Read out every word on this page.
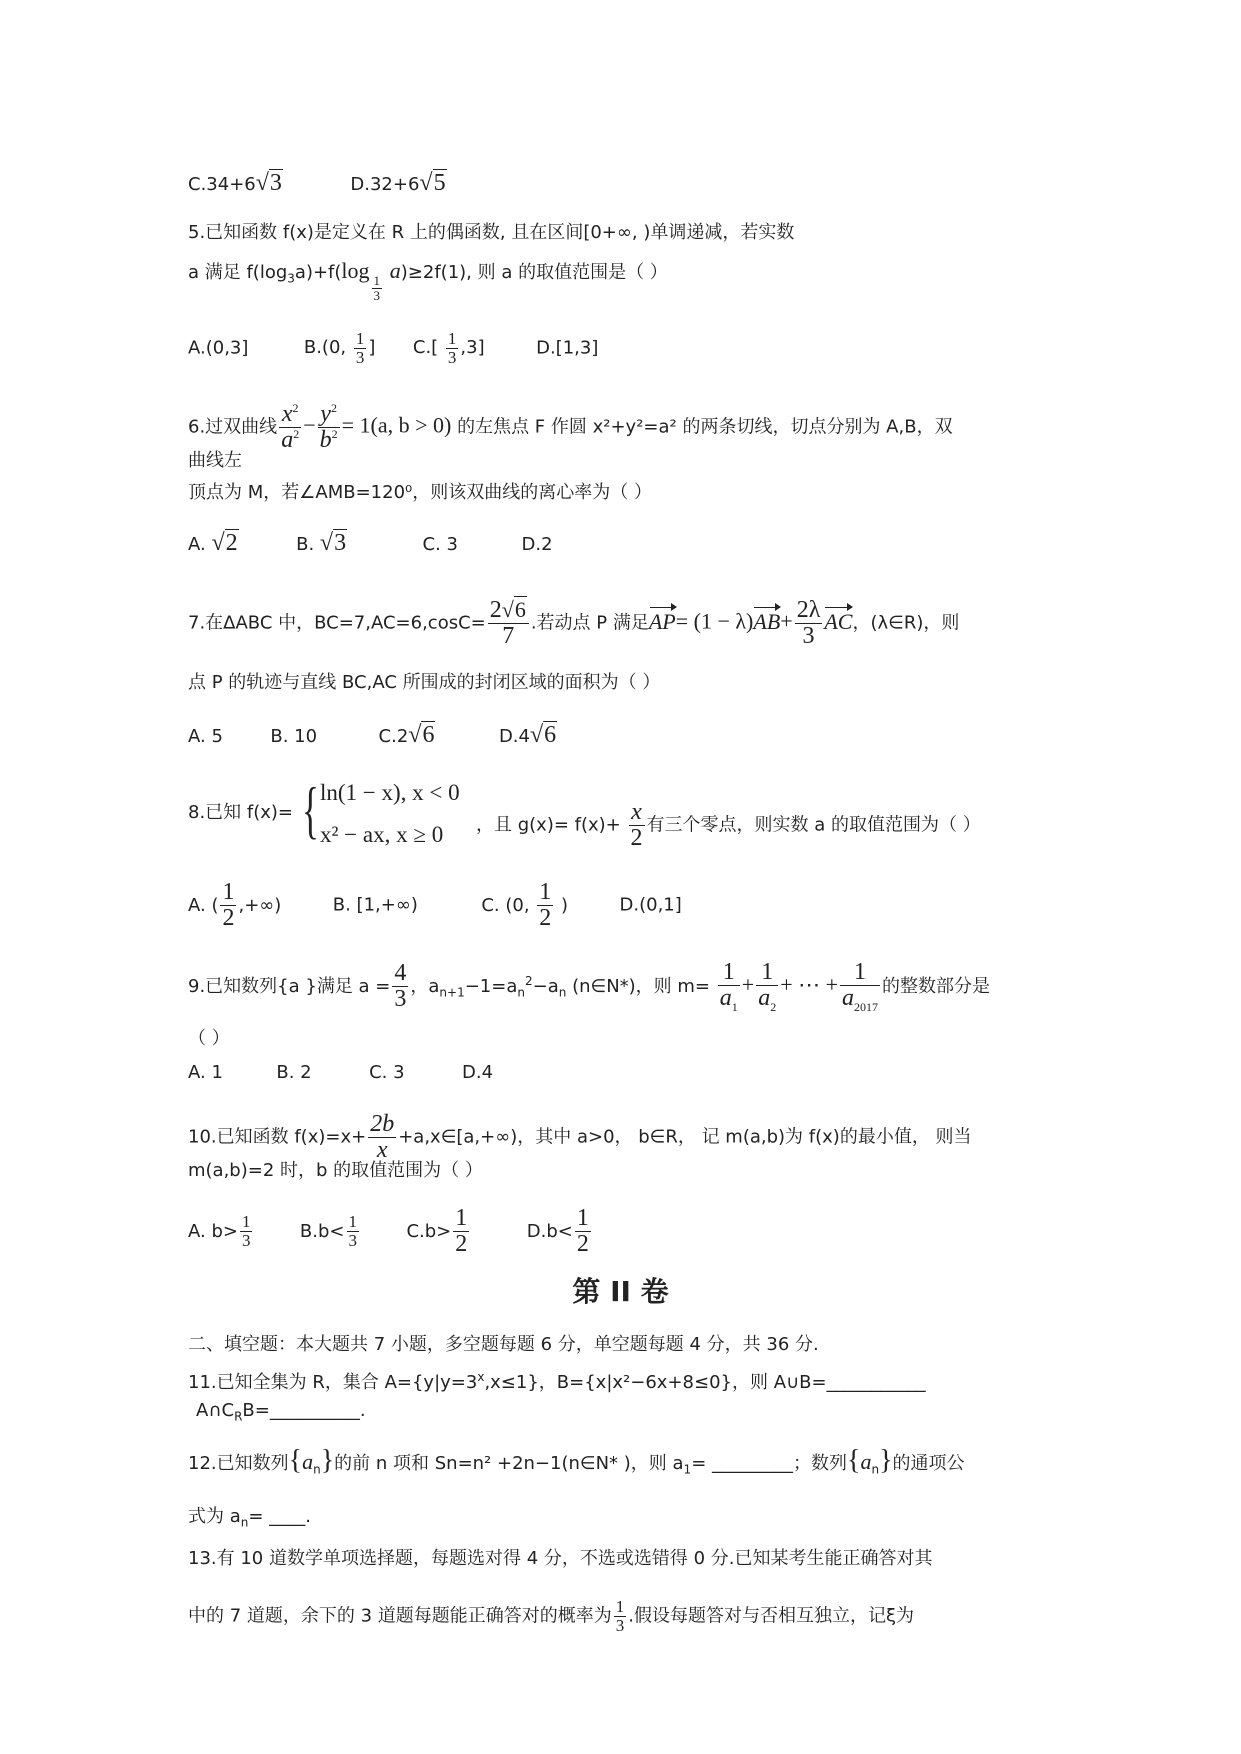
C.34+6√3	D.32+6√5
5.已知函数 f(x)是定义在 R 上的偶函数, 且在区间[0+∞, )单调递减，若实数
a 满足 $f(\log_3a)+f(\log$
$\frac{1}{3}$
a)≥2f(1), 则 a 的取值范围是（ ）
A.(0,3]	B.(0, $\frac{1}{3}$ ] $C.[ \frac{1}{3} ,3]$	D.[1,3]
6.过双曲线 $\frac{x^2}{a^2} - \frac{y^2}{b^2} = 1(a$, b > 0) 的左焦点 F 作圆 x²+y²=a² 的两条切线，切点分别为 A,B，双
曲线左
顶点为 M，若∠AMB=120⁰，则该双曲线的离心率为（ ）
A. √2	B. √3	C. 3	D.2
7.在ΔABC 中，$BC=7,AC=6,\cos C= \frac{2√6}{7}$ .若动点 P 满足$AP= (1 - \lambda)AB+ \frac{2\lambda}{3}$ AC，(λ∈R)，则
点 P 的轨迹与直线 BC,AC 所围成的封闭区域的面积为（ ）
A. 5	B. 10	C.2√6	D.4√6
8.已知 f(x)= { ln(1 − x), x < 0
x² − ax, x ≥ 0 ，且 $g(x)= f(x)+ \frac{x}{2}$ 有三个零点，则实数 a 的取值范围为（ ）
A. ( $\frac{1}{2}$ ,+∞)	B. [1,+∞)	C. (0, $\frac{1}{2}$ )	D.(0,1]
9.已知数列{a }满足 $a = \frac{4}{3}$ ，$a_{n+1}-1=a_n^2-a_n$ (n∈N*)，则 $m= \frac{1}{a_1} + \frac{1}{a_2}$ + ⋯ + $\frac{1}{a_{2017}}$ 的整数部分是
（ ）
A. 1	B. 2	C. 3	D.4
10.已知函数 $f(x)=x+ \frac{2b}{x}$ +a,x∈[a,+∞)，其中 a>0， b∈R， 记 m(a,b)为 f(x)的最小值， 则当
m(a,b)=2 时，b 的取值范围为（ ）
A. $b> \frac{1}{3}$	$B.b< \frac{1}{3}$	$C.b> \frac{1}{2}$	$D.b< \frac{1}{2}$
第 II 卷
二、填空题：本大题共 7 小题，多空题每题 6 分，单空题每题 4 分，共 36 分.
11.已知全集为 R，集合 $A=\{y|y=3^x,x\le 1\}$，B={x|x²−6x+8≤0}，则 A∪B=___________
$A\cap C_RB=\_\_\_\_\_\_\_\_\_\_$.
12.已知数列$\{a_n\}$的前 n 项和 Sn=n² +2n−1(n∈N* )，则 $a_1=$ _________；数列$\{a_n\}$的通项公
式为 $a_n=$ ____.
13.有 10 道数学单项选择题，每题选对得 4 分，不选或选错得 0 分.已知某考生能正确答对其
中的 7 道题，余下的 3 道题每题能正确答对的概率为 $\frac{1}{3}$ .假设每题答对与否相互独立，记ξ为
